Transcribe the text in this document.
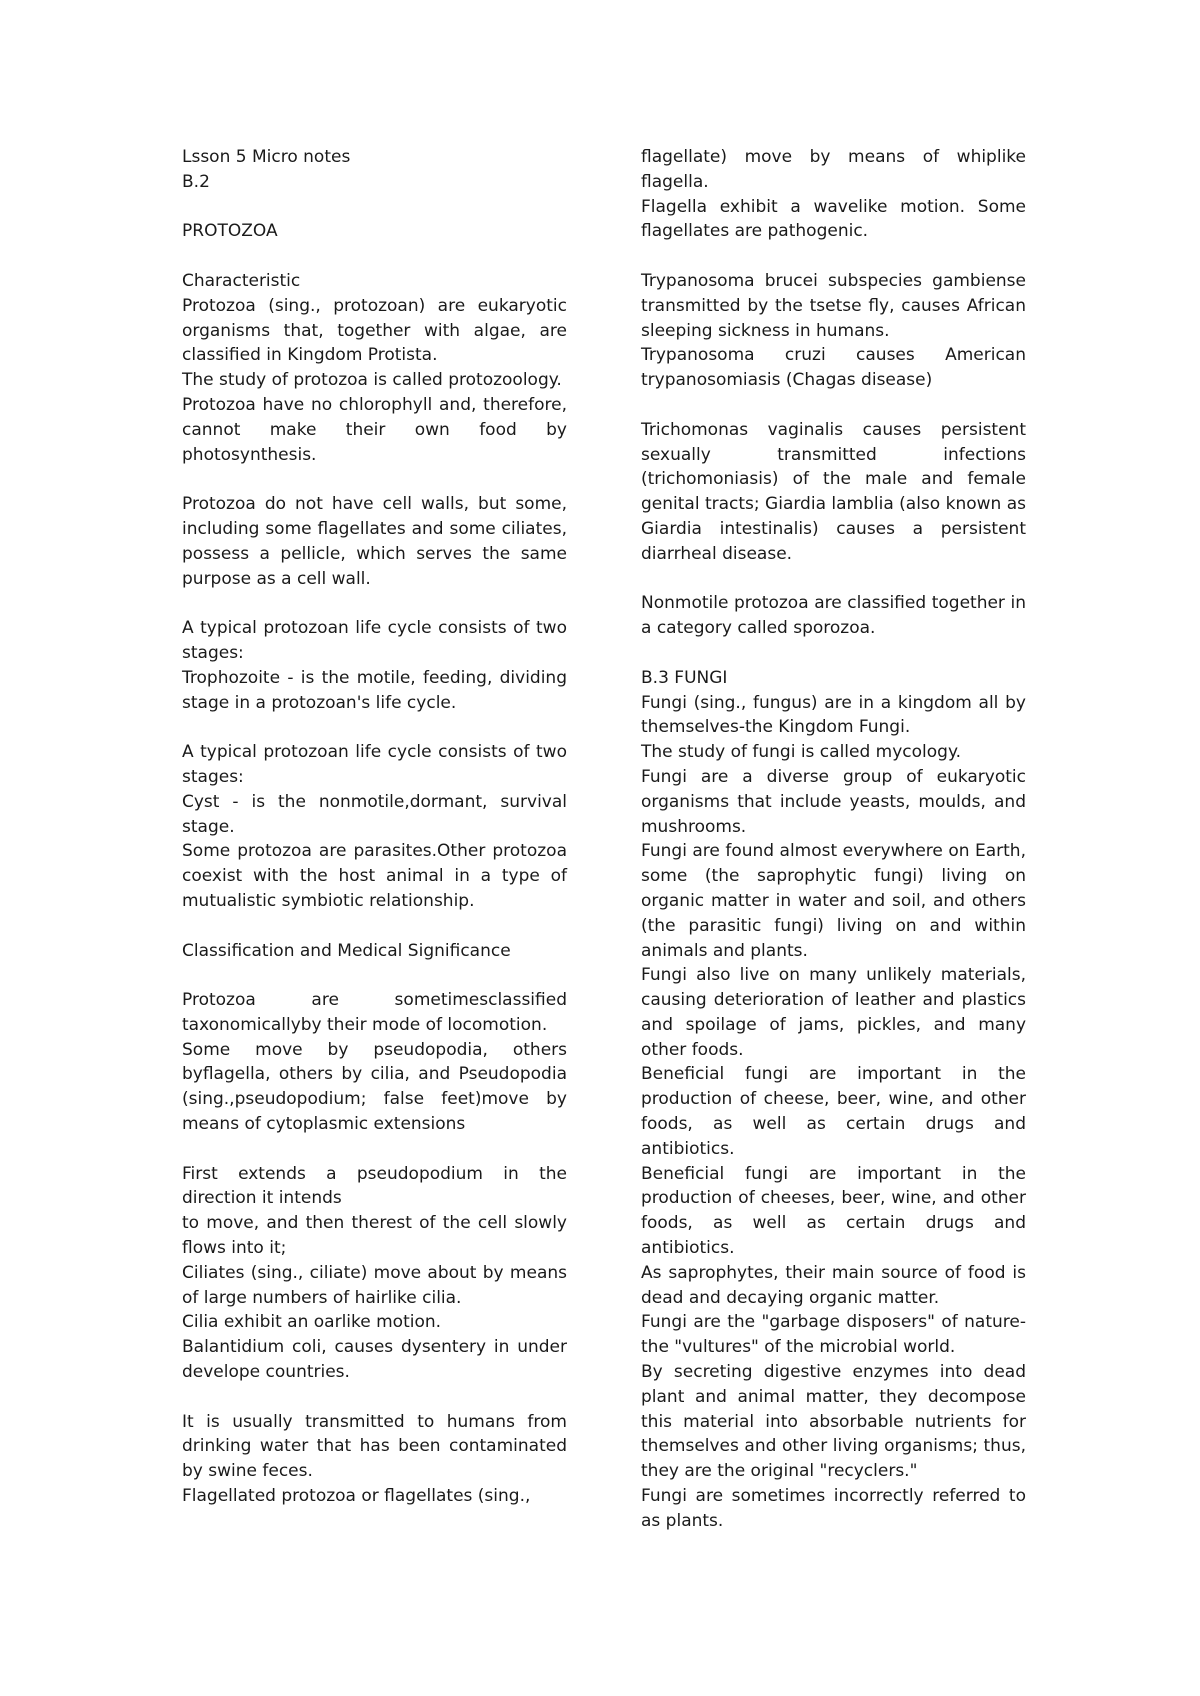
Lsson 5 Micro notes

B.2

PROTOZOA

Characteristic

Protozoa (sing., protozoan) are eukaryotic organisms that, together with algae, are classified in Kingdom Protista.

The study of protozoa is called protozoology.

Protozoa have no chlorophyll and, therefore, cannot make their own food by photosynthesis.

Protozoa do not have cell walls, but some, including some flagellates and some ciliates, possess a pellicle, which serves the same purpose as a cell wall.

A typical protozoan life cycle consists of two stages:

Trophozoite - is the motile, feeding, dividing stage in a protozoan's life cycle.

A typical protozoan life cycle consists of two stages:

Cyst - is the nonmotile,dormant, survival stage.

Some protozoa are parasites.Other protozoa coexist with the host animal in a type of mutualistic symbiotic relationship.

Classification and Medical Significance

Protozoa are sometimesclassified taxonomicallyby their mode of locomotion.

Some move by pseudopodia, others byflagella, others by cilia, and Pseudopodia (sing.,pseudopodium; false feet)move by means of cytoplasmic extensions

First extends a pseudopodium in the direction it intends

to move, and then therest of the cell slowly flows into it;

Ciliates (sing., ciliate) move about by means of large numbers of hairlike cilia.

Cilia exhibit an oarlike motion.

Balantidium coli, causes dysentery in under develope countries.

It is usually transmitted to humans from drinking water that has been contaminated by swine feces.

Flagellated protozoa or flagellates (sing.,

flagellate) move by means of whiplike flagella.

Flagella exhibit a wavelike motion. Some flagellates are pathogenic.

Trypanosoma brucei subspecies gambiense transmitted by the tsetse fly, causes African sleeping sickness in humans.

Trypanosoma cruzi causes American trypanosomiasis (Chagas disease)

Trichomonas vaginalis causes persistent sexually transmitted infections (trichomoniasis) of the male and female genital tracts; Giardia lamblia (also known as Giardia intestinalis) causes a persistent diarrheal disease.

Nonmotile protozoa are classified together in a category called sporozoa.

B.3 FUNGI

Fungi (sing., fungus) are in a kingdom all by themselves-the Kingdom Fungi.

The study of fungi is called mycology.

Fungi are a diverse group of eukaryotic organisms that include yeasts, moulds, and mushrooms.

Fungi are found almost everywhere on Earth, some (the saprophytic fungi) living on organic matter in water and soil, and others (the parasitic fungi) living on and within animals and plants.

Fungi also live on many unlikely materials, causing deterioration of leather and plastics and spoilage of jams, pickles, and many other foods.

Beneficial fungi are important in the production of cheese, beer, wine, and other foods, as well as certain drugs and antibiotics.

Beneficial fungi are important in the production of cheeses, beer, wine, and other foods, as well as certain drugs and antibiotics.

As saprophytes, their main source of food is dead and decaying organic matter.

Fungi are the "garbage disposers" of nature-the "vultures" of the microbial world.

By secreting digestive enzymes into dead plant and animal matter, they decompose this material into absorbable nutrients for themselves and other living organisms; thus, they are the original "recyclers."

Fungi are sometimes incorrectly referred to as plants.
